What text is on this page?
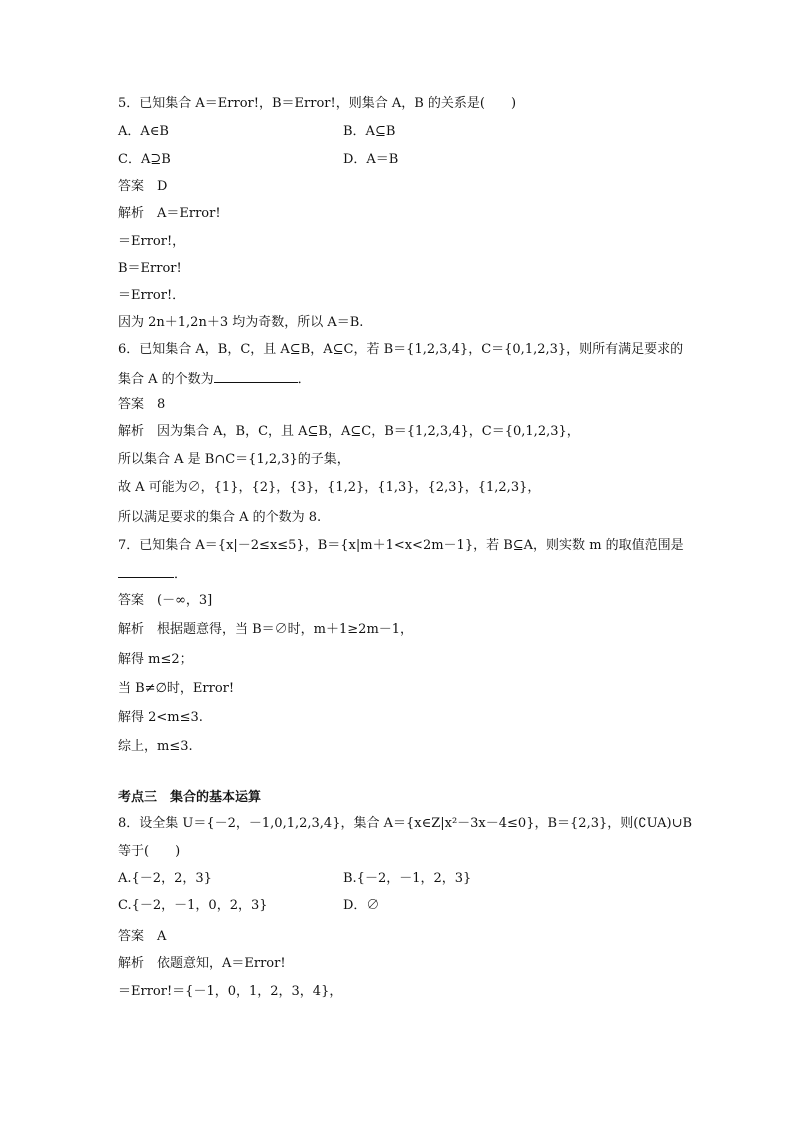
5．已知集合 A＝Error!，B＝Error!，则集合 A，B 的关系是(　　)
A．A∈B	B．A⊆B
C．A⊇B	D．A＝B
答案　D
解析　A＝Error!
＝Error!，
B＝Error!
＝Error!．
因为 2n＋1,2n＋3 均为奇数，所以 A＝B.
6．已知集合 A，B，C，且 A⊆B，A⊆C，若 B＝{1,2,3,4}，C＝{0,1,2,3}，则所有满足要求的
集合 A 的个数为	．
答案　8
解析　因为集合 A，B，C，且 A⊆B，A⊆C，B＝{1,2,3,4}，C＝{0,1,2,3}，
所以集合 A 是 B∩C＝{1,2,3}的子集，
故 A 可能为∅，{1}，{2}，{3}，{1,2}，{1,3}，{2,3}，{1,2,3}，
所以满足要求的集合 A 的个数为 8.
7．已知集合 A＝{x|－2≤x≤5}，B＝{x|m＋1<x<2m－1}，若 B⊆A，则实数 m 的取值范围是
．
答案　(－∞，3]
解析　根据题意得，当 B＝∅时，m＋1≥2m－1，
解得 m≤2；
当 B≠∅时，Error!
解得 2<m≤3.
综上，m≤3.
考点三　集合的基本运算
8．设全集 U＝{－2，－1,0,1,2,3,4}，集合 A＝{x∈Z|x²－3x－4≤0}，B＝{2,3}，则(∁UA)∪B
等于(　　)
A.{－2，2，3}	B.{－2，－1，2，3}
C.{－2，－1，0，2，3}	D．∅
答案　A
解析　依题意知，A＝Error!
＝Error!＝{－1，0，1，2，3，4}，
